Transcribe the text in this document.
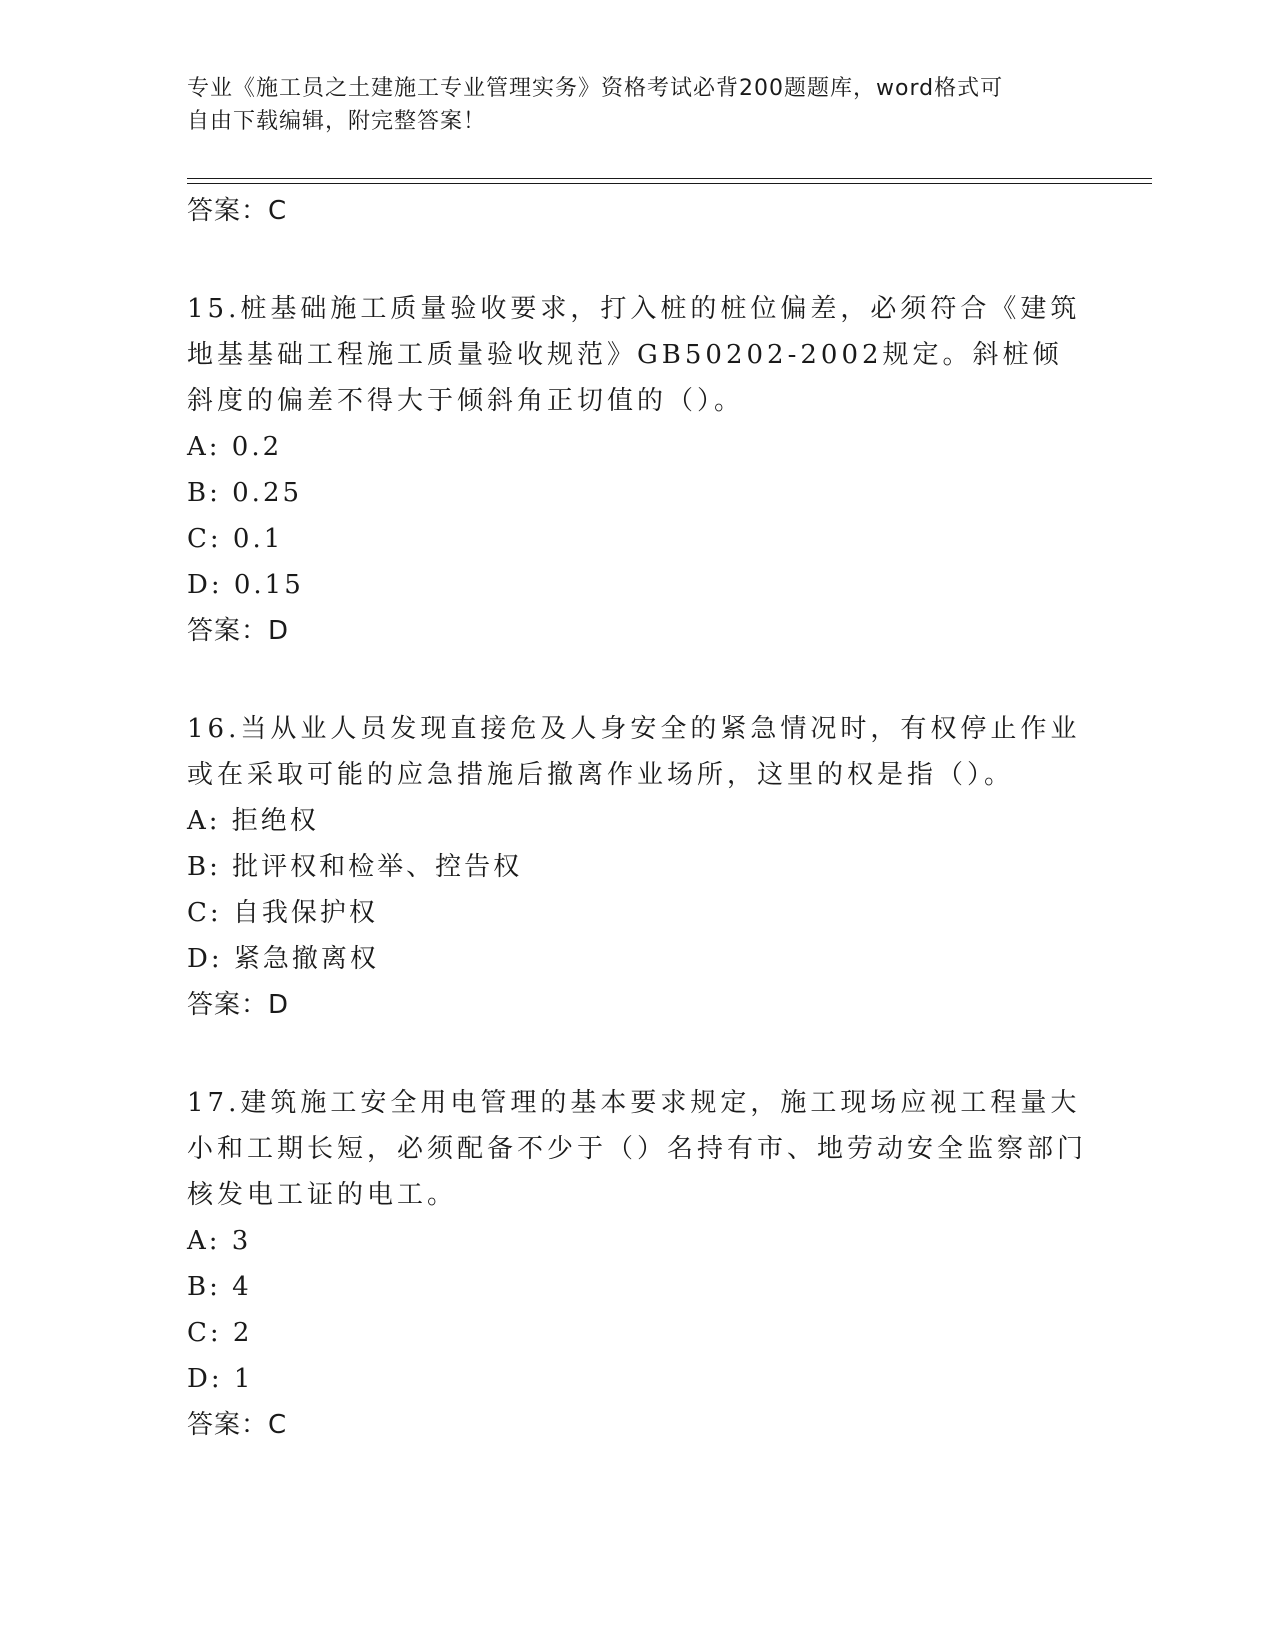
专业《施工员之土建施工专业管理实务》资格考试必背200题题库，word格式可
自由下载编辑，附完整答案！

答案：C

15.桩基础施工质量验收要求，打入桩的桩位偏差，必须符合《建筑地基基础工程施工质量验收规范》GB50202-2002规定。斜桩倾斜度的偏差不得大于倾斜角正切值的（）。

A: 0.2

B: 0.25

C: 0.1

D: 0.15

答案：D

16.当从业人员发现直接危及人身安全的紧急情况时，有权停止作业或在采取可能的应急措施后撤离作业场所，这里的权是指（）。

A: 拒绝权

B: 批评权和检举、控告权

C: 自我保护权

D: 紧急撤离权

答案：D

17.建筑施工安全用电管理的基本要求规定，施工现场应视工程量大小和工期长短，必须配备不少于（）名持有市、地劳动安全监察部门核发电工证的电工。

A: 3

B: 4

C: 2

D: 1

答案：C
